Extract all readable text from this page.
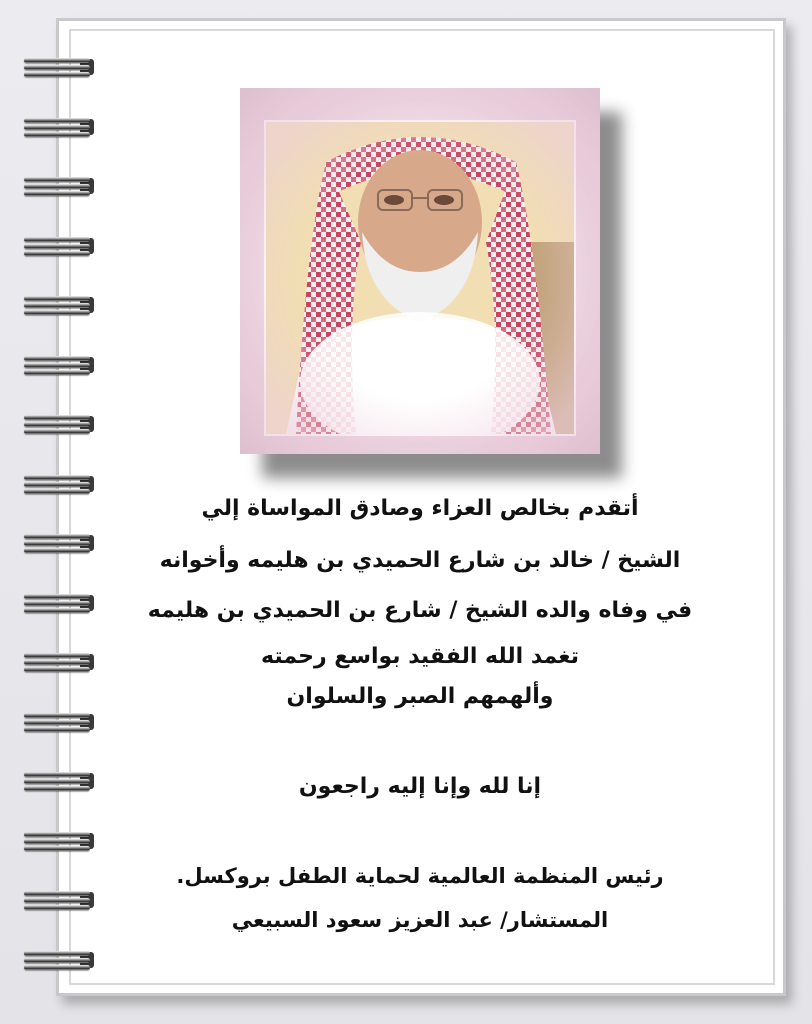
أتقدم بخالص العزاء وصادق المواساة إلي
الشيخ / خالد بن شارع الحميدي بن هليمه وأخوانه
في وفاه والده الشيخ / شارع بن الحميدي بن هليمه
تغمد الله الفقيد بواسع رحمته
وألهمهم الصبر والسلوان
إنا لله وإنا إليه راجعون
رئيس المنظمة العالمية لحماية الطفل بروكسل.
المستشار/ عبد العزيز سعود السبيعي
